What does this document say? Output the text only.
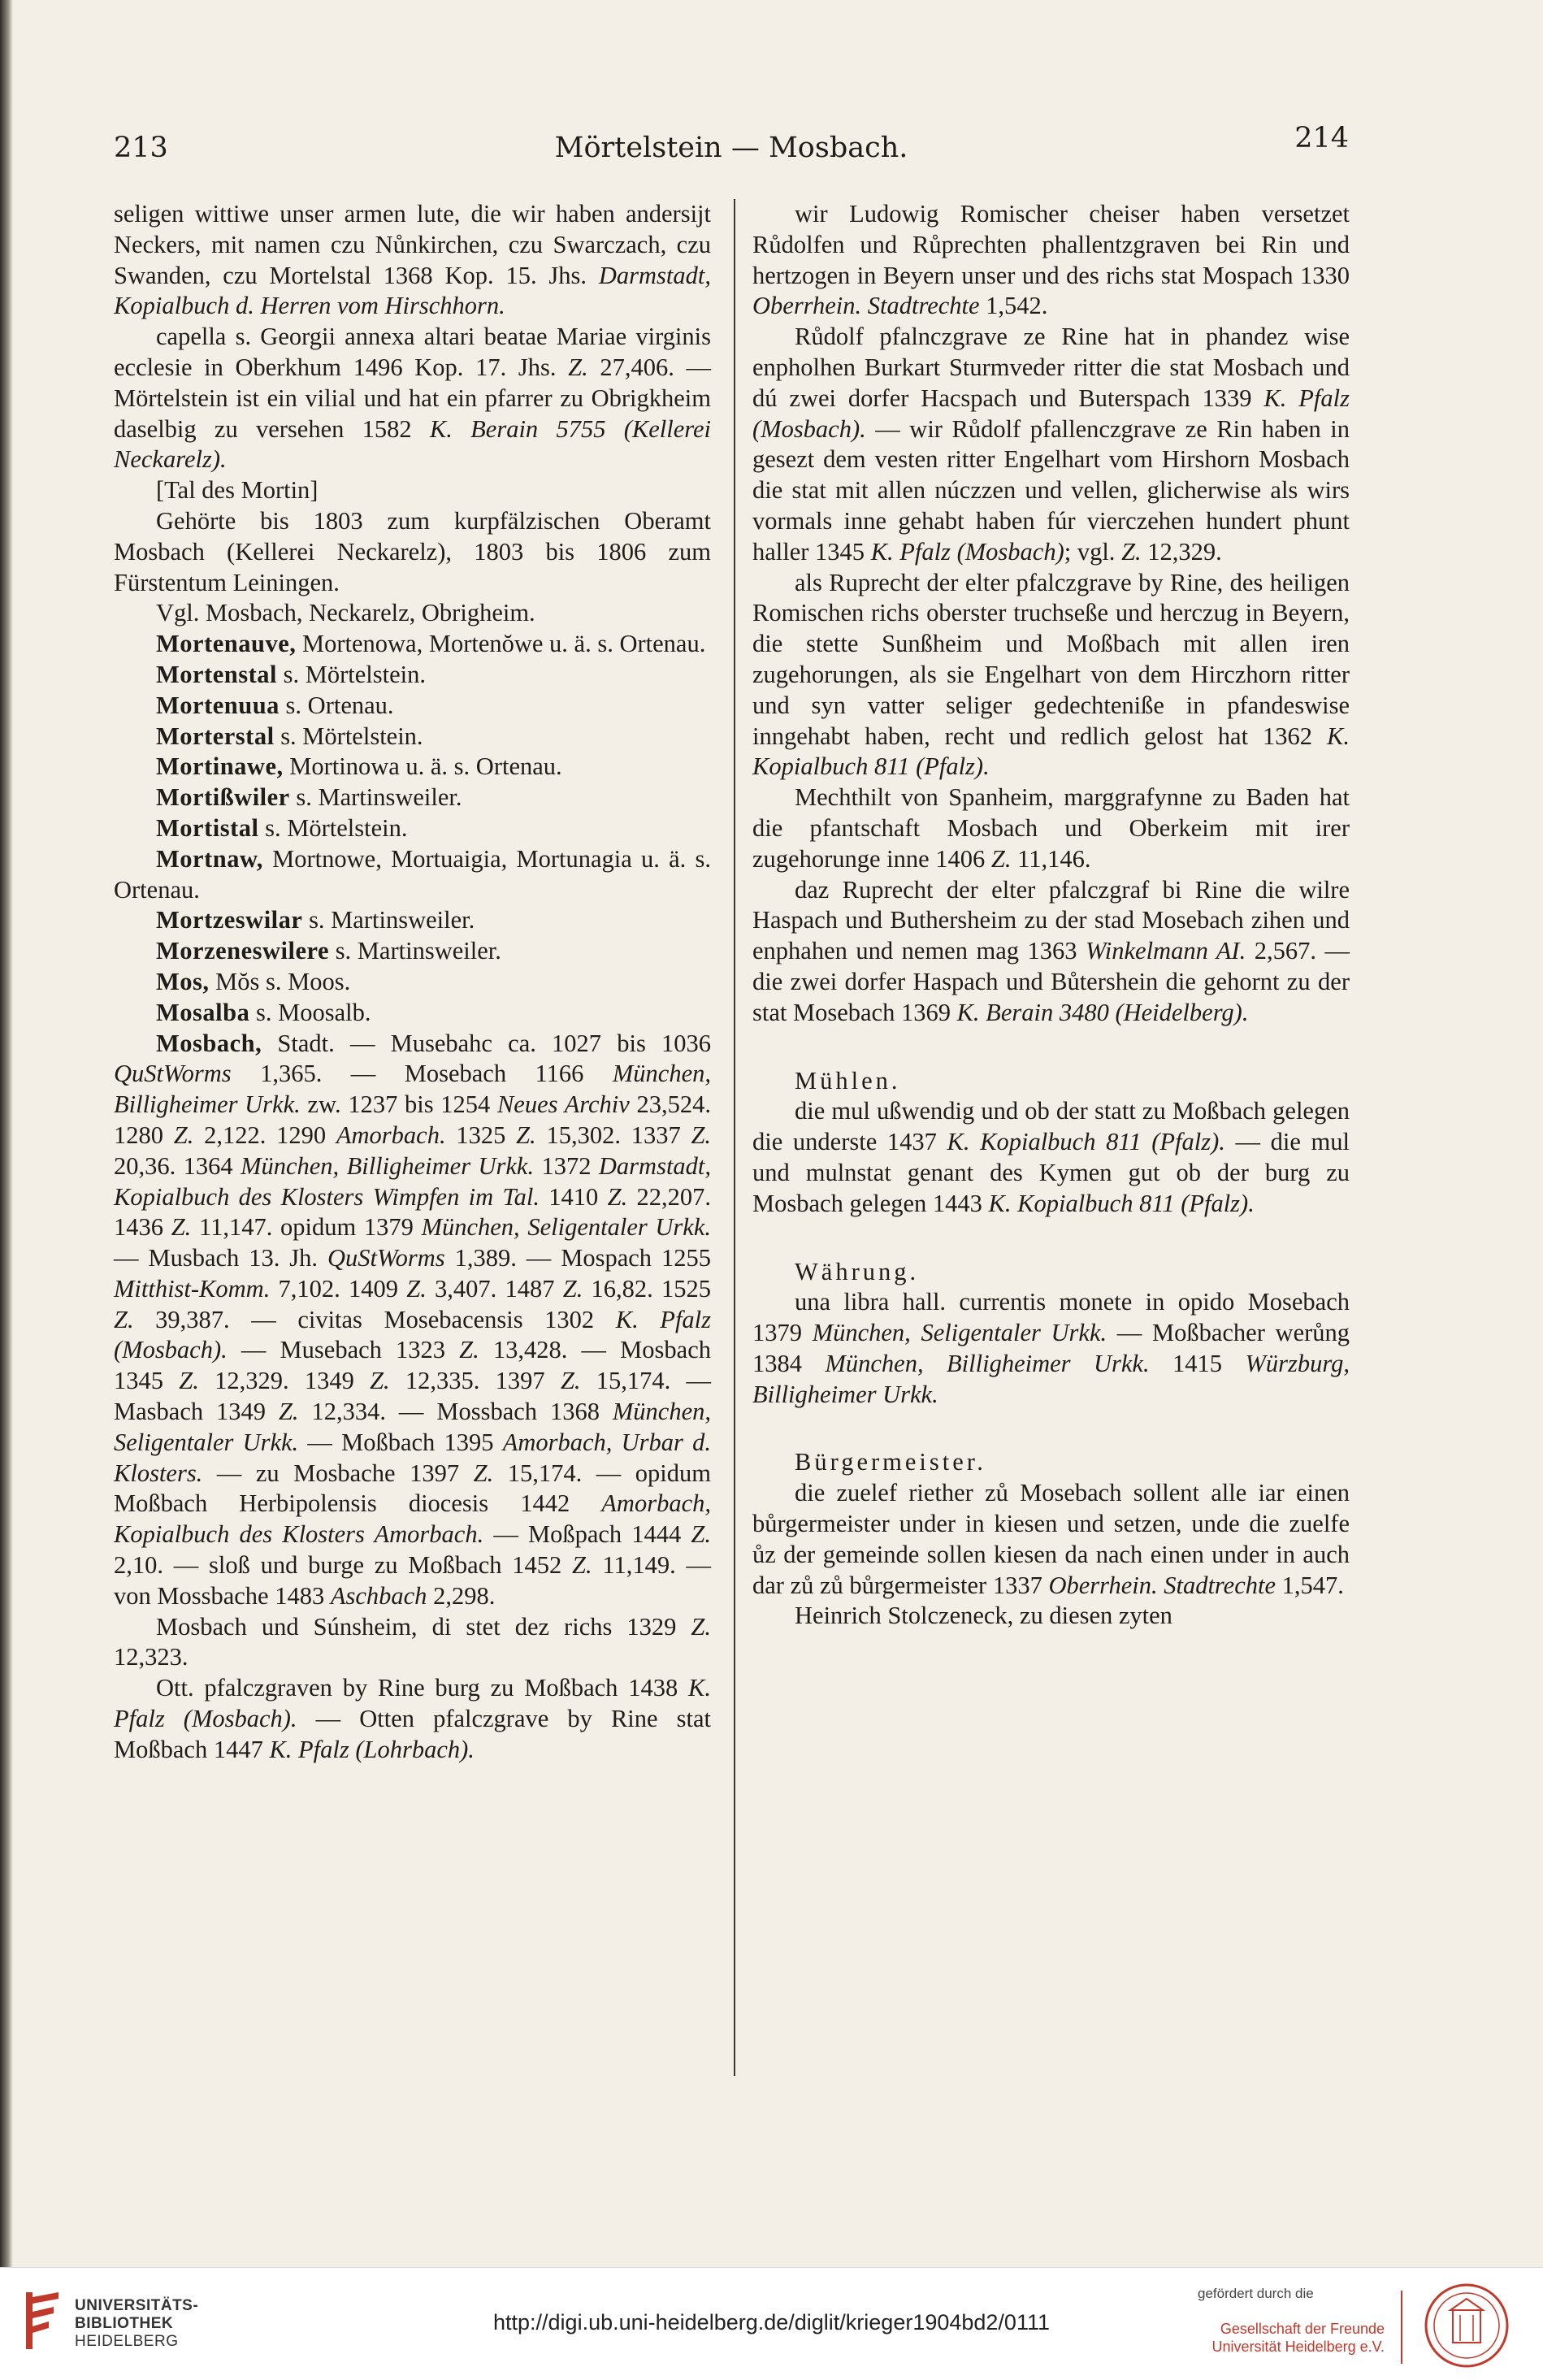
213	Mörtelstein — Mosbach.	214

seligen wittiwe unser armen lute, die wir haben andersijt Neckers, mit namen czu Nůnkirchen, czu Swarczach, czu Swanden, czu Mortelstal 1368 Kop. 15. Jhs. Darmstadt, Kopialbuch d. Herren vom Hirschhorn.

capella s. Georgii annexa altari beatae Mariae virginis ecclesie in Oberkhum 1496 Kop. 17. Jhs. Z. 27,406. — Mörtelstein ist ein vilial und hat ein pfarrer zu Obrigkheim daselbig zu versehen 1582 K. Berain 5755 (Kellerei Neckarelz).

[Tal des Mortin]

Gehörte bis 1803 zum kurpfälzischen Oberamt Mosbach (Kellerei Neckarelz), 1803 bis 1806 zum Fürstentum Leiningen.

Vgl. Mosbach, Neckarelz, Obrigheim.

Mortenauve, Mortenowa, Mortenŏwe u. ä. s. Ortenau.

Mortenstal s. Mörtelstein.

Mortenuua s. Ortenau.

Morterstal s. Mörtelstein.

Mortinawe, Mortinowa u. ä. s. Ortenau.

Mortißwiler s. Martinsweiler.

Mortistal s. Mörtelstein.

Mortnaw, Mortnowe, Mortuaigia, Mortunagia u. ä. s. Ortenau.

Mortzeswilar s. Martinsweiler.

Morzeneswilere s. Martinsweiler.

Mos, Mŏs s. Moos.

Mosalba s. Moosalb.

Mosbach, Stadt. — Musebahc ca. 1027 bis 1036 QuStWorms 1,365. — Mosebach 1166 München, Billigheimer Urkk. zw. 1237 bis 1254 Neues Archiv 23,524. 1280 Z. 2,122. 1290 Amorbach. 1325 Z. 15,302. 1337 Z. 20,36. 1364 München, Billigheimer Urkk. 1372 Darmstadt, Kopialbuch des Klosters Wimpfen im Tal. 1410 Z. 22,207. 1436 Z. 11,147. opidum 1379 München, Seligentaler Urkk. — Musbach 13. Jh. QuStWorms 1,389. — Mospach 1255 Mitthist-Komm. 7,102. 1409 Z. 3,407. 1487 Z. 16,82. 1525 Z. 39,387. — civitas Mosebacensis 1302 K. Pfalz (Mosbach). — Musebach 1323 Z. 13,428. — Mosbach 1345 Z. 12,329. 1349 Z. 12,335. 1397 Z. 15,174. — Masbach 1349 Z. 12,334. — Mossbach 1368 München, Seligentaler Urkk. — Moßbach 1395 Amorbach, Urbar d. Klosters. — zu Mosbache 1397 Z. 15,174. — opidum Moßbach Herbipolensis diocesis 1442 Amorbach, Kopialbuch des Klosters Amorbach. — Moßpach 1444 Z. 2,10. — sloß und burge zu Moßbach 1452 Z. 11,149. — von Mossbache 1483 Aschbach 2,298.

Mosbach und Súnsheim, di stet dez richs 1329 Z. 12,323.

Ott. pfalczgraven by Rine burg zu Moßbach 1438 K. Pfalz (Mosbach). — Otten pfalczgrave by Rine stat Moßbach 1447 K. Pfalz (Lohrbach).

wir Ludowig Romischer cheiser haben versetzet Růdolfen und Růprechten phallentzgraven bei Rin und hertzogen in Beyern unser und des richs stat Mospach 1330 Oberrhein. Stadtrechte 1,542.

Růdolf pfalnczgrave ze Rine hat in phandez wise enpholhen Burkart Sturmveder ritter die stat Mosbach und dú zwei dorfer Hacspach und Buterspach 1339 K. Pfalz (Mosbach). — wir Růdolf pfallenczgrave ze Rin haben in gesezt dem vesten ritter Engelhart vom Hirshorn Mosbach die stat mit allen núczzen und vellen, glicherwise als wirs vormals inne gehabt haben fúr vierczehen hundert phunt haller 1345 K. Pfalz (Mosbach); vgl. Z. 12,329.

als Ruprecht der elter pfalczgrave by Rine, des heiligen Romischen richs oberster truchseße und herczug in Beyern, die stette Sunßheim und Moßbach mit allen iren zugehorungen, als sie Engelhart von dem Hirczhorn ritter und syn vatter seliger gedechteniße in pfandeswise inngehabt haben, recht und redlich gelost hat 1362 K. Kopialbuch 811 (Pfalz).

Mechthilt von Spanheim, marggrafynne zu Baden hat die pfantschaft Mosbach und Oberkeim mit irer zugehorunge inne 1406 Z. 11,146.

daz Ruprecht der elter pfalczgraf bi Rine die wilre Haspach und Buthersheim zu der stad Mosebach zihen und enphahen und nemen mag 1363 Winkelmann AI. 2,567. — die zwei dorfer Haspach und Bůtershein die gehornt zu der stat Mosebach 1369 K. Berain 3480 (Heidelberg).

Mühlen.

die mul ußwendig und ob der statt zu Moßbach gelegen die underste 1437 K. Kopialbuch 811 (Pfalz). — die mul und mulnstat genant des Kymen gut ob der burg zu Mosbach gelegen 1443 K. Kopialbuch 811 (Pfalz).

Währung.

una libra hall. currentis monete in opido Mosebach 1379 München, Seligentaler Urkk. — Moßbacher werůng 1384 München, Billigheimer Urkk. 1415 Würzburg, Billigheimer Urkk.

Bürgermeister.

die zuelef riether zů Mosebach sollent alle iar einen bůrgermeister under in kiesen und setzen, unde die zuelfe ůz der gemeinde sollen kiesen da nach einen under in auch dar zů zů bůrgermeister 1337 Oberrhein. Stadtrechte 1,547.

Heinrich Stolczeneck, zu diesen zyten

UNIVERSITÄTS-
BIBLIOTHEK
HEIDELBERG
http://digi.ub.uni-heidelberg.de/diglit/krieger1904bd2/0111
gefördert durch die
Gesellschaft der Freunde
Universität Heidelberg e.V.
